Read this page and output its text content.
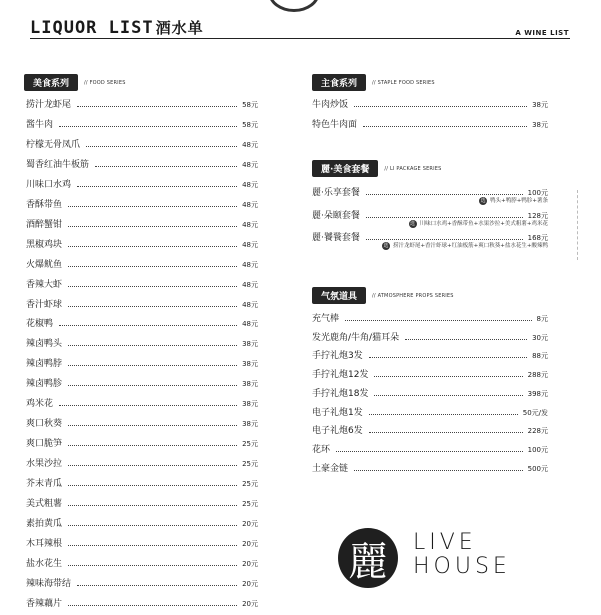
LIQUOR LIST 酒水单	A WINE LIST
美食系列	// FOOD SERIES
捞汁龙虾尾	58元
酱牛肉	58元
柠檬无骨凤爪	48元
蜀香红油牛板筋	48元
川味口水鸡	48元
香酥带鱼	48元
酒醉蟹钳	48元
黑椒鸡块	48元
火爆鱿鱼	48元
香辣大虾	48元
香汁虾球	48元
花椒鸭	48元
辣卤鸭头	38元
辣卤鸭脖	38元
辣卤鸭胗	38元
鸡米花	38元
爽口秋葵	38元
爽口脆笋	25元
水果沙拉	25元
芥末青瓜	25元
美式粗薯	25元
素拍黄瓜	20元
木耳辣根	20元
盐水花生	20元
辣味海带结	20元
香辣藕片	20元
主食系列	// STAPLE FOOD SERIES
牛肉炒饭	38元
特色牛肉面	38元
麗·美食套餐	// LI PACKAGE SERIES
麗·乐享套餐	100元
选 鸭头+鸭脖+鸭胗+薯条
麗·朵颐套餐	128元
选 川味口水鸡+香酥带鱼+水果沙拉+美式粗薯+鸡米花
麗·饕餮套餐	168元
选 捞汁龙虾尾+香汁虾球+红油板筋+爽口秋葵+盐水花生+酸辣鸭
气氛道具	// ATMOSPHERE PROPS SERIES
充气棒	8元
发光鹿角/牛角/猫耳朵	30元
手拧礼炮3发	88元
手拧礼炮12发	288元
手拧礼炮18发	398元
电子礼炮1发	50元/发
电子礼炮6发	228元
花环	100元
土豪金链	500元
麗 LIVE
HOUSE
